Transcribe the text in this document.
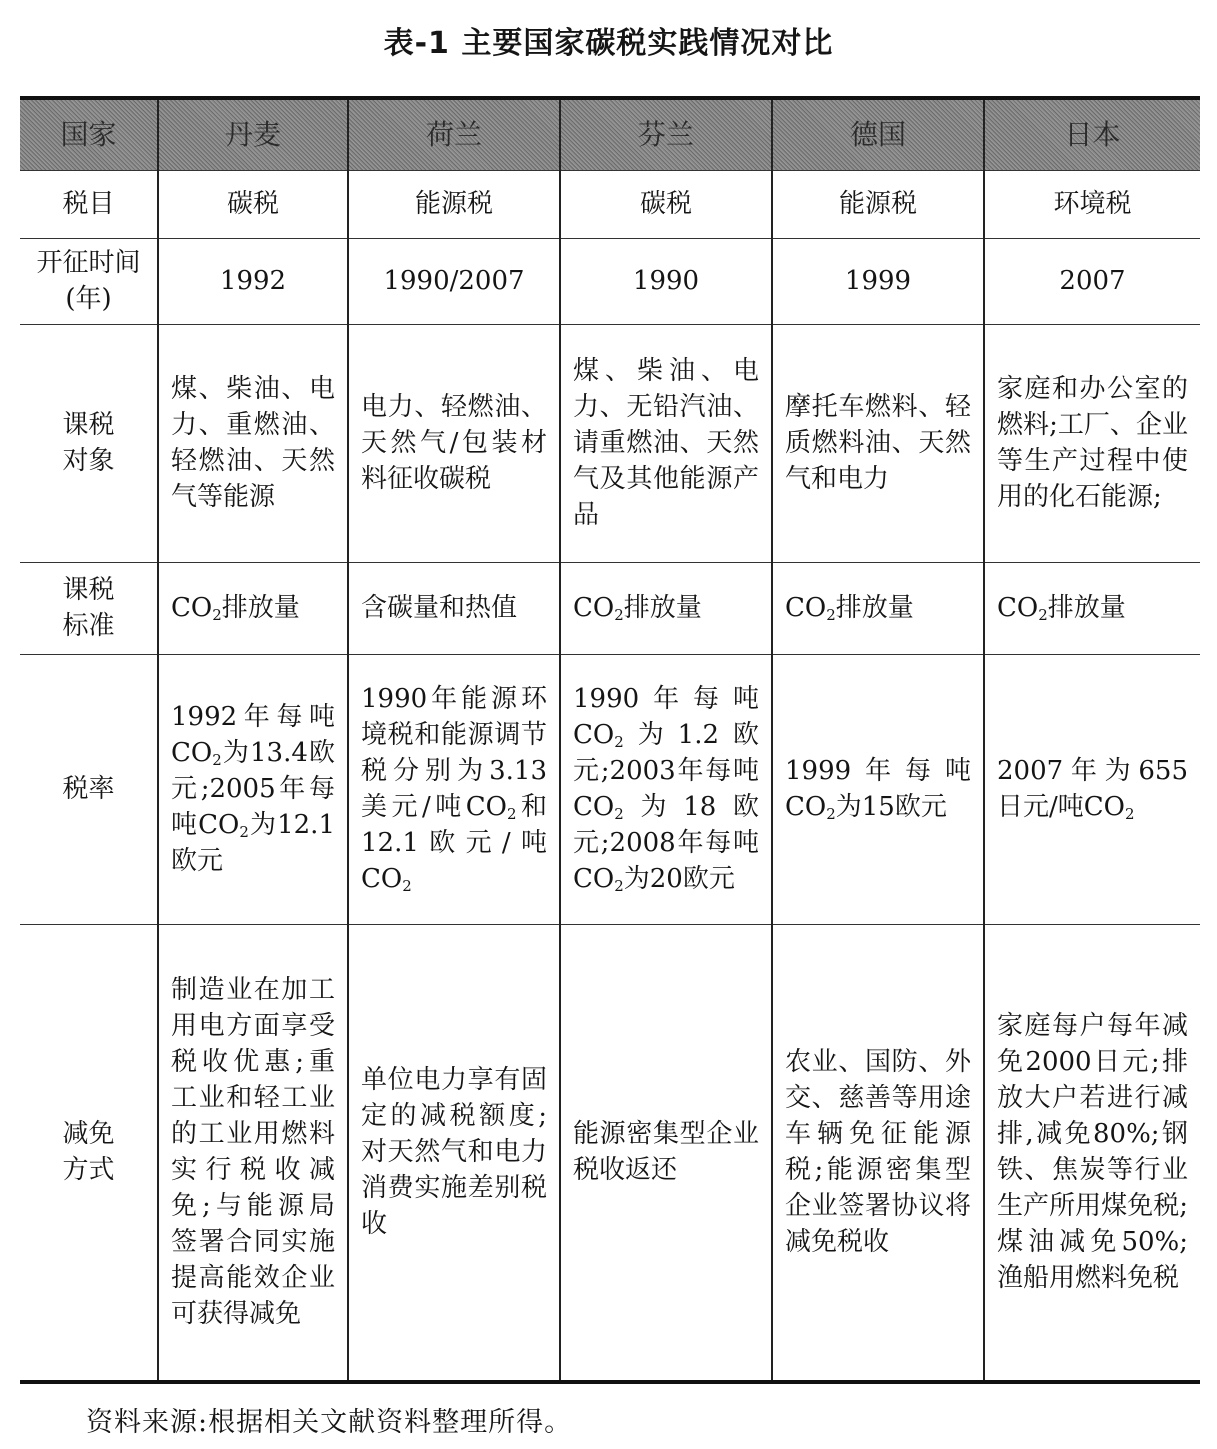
表-1 主要国家碳税实践情况对比
国家	丹麦	荷兰	芬兰	德国	日本
税目	碳税	能源税	碳税	能源税	环境税
开征时间(年)	1992	1990/2007	1990	1999	2007
课税对象	煤、柴油、电力、重燃油、轻燃油、天然气等能源	电力、轻燃油、天然气/包装材料征收碳税	煤、柴油、电力、无铅汽油、请重燃油、天然气及其他能源产品	摩托车燃料、轻质燃料油、天然气和电力	家庭和办公室的燃料;工厂、企业等生产过程中使用的化石能源;
课税标准	$CO_2$排放量	含碳量和热值	$CO_2$排放量	$CO_2$排放量	$CO_2$排放量
税率	1992年每吨$CO_2$为13.4欧元;2005年每吨$CO_2$为12.1欧元	1990年能源环境税和能源调节税分别为3.13美元/吨$CO_2$和12.1欧元/吨$CO_2$	1990年每吨$CO_2$为1.2欧元;2003年每吨$CO_2$为18欧元;2008年每吨$CO_2$为20欧元	1999年每吨$CO_2$为15欧元	2007年为655日元/吨$CO_2$
减免方式	制造业在加工用电方面享受税收优惠;重工业和轻工业的工业用燃料实行税收减免;与能源局签署合同实施提高能效企业可获得减免	单位电力享有固定的减税额度;对天然气和电力消费实施差别税收	能源密集型企业税收返还	农业、国防、外交、慈善等用途车辆免征能源税;能源密集型企业签署协议将减免税收	家庭每户每年减免2000日元;排放大户若进行减排,减免80%;钢铁、焦炭等行业生产所用煤免税;煤油减免50%;渔船用燃料免税
资料来源:根据相关文献资料整理所得。
